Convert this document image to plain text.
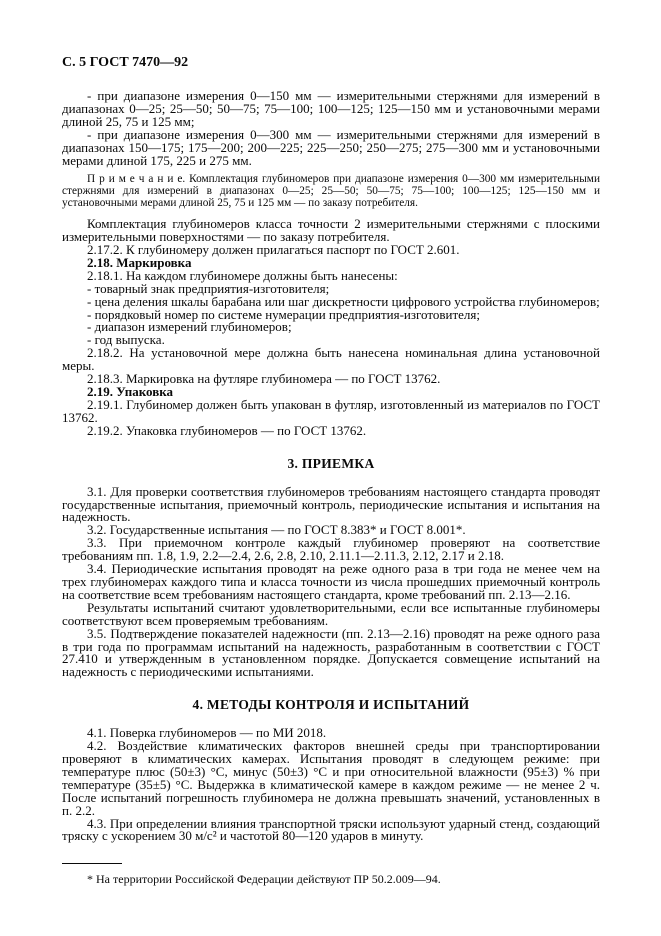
С. 5 ГОСТ 7470—92

- при диапазоне измерения 0—150 мм — измерительными стержнями для измерений в диапазонах 0—25; 25—50; 50—75; 75—100; 100—125; 125—150 мм и установочными мерами длиной 25, 75 и 125 мм;

- при диапазоне измерения 0—300 мм — измерительными стержнями для измерений в диапазонах 150—175; 175—200; 200—225; 225—250; 250—275; 275—300 мм и установочными мерами длиной 175, 225 и 275 мм.

П р и м е ч а н и е. Комплектация глубиномеров при диапазоне измерения 0—300 мм измерительными стержнями для измерений в диапазонах 0—25; 25—50; 50—75; 75—100; 100—125; 125—150 мм и установочными мерами длиной 25, 75 и 125 мм — по заказу потребителя.

Комплектация глубиномеров класса точности 2 измерительными стержнями с плоскими измерительными поверхностями — по заказу потребителя.

2.17.2. К глубиномеру должен прилагаться паспорт по ГОСТ 2.601.

2.18. Маркировка

2.18.1. На каждом глубиномере должны быть нанесены:

- товарный знак предприятия-изготовителя;

- цена деления шкалы барабана или шаг дискретности цифрового устройства глубиномеров;

- порядковый номер по системе нумерации предприятия-изготовителя;

- диапазон измерений глубиномеров;

- год выпуска.

2.18.2. На установочной мере должна быть нанесена номинальная длина установочной меры.

2.18.3. Маркировка на футляре глубиномера — по ГОСТ 13762.

2.19. Упаковка

2.19.1. Глубиномер должен быть упакован в футляр, изготовленный из материалов по ГОСТ 13762.

2.19.2. Упаковка глубиномеров — по ГОСТ 13762.

3. ПРИЕМКА

3.1. Для проверки соответствия глубиномеров требованиям настоящего стандарта проводят государственные испытания, приемочный контроль, периодические испытания и испытания на надежность.

3.2. Государственные испытания — по ГОСТ 8.383* и ГОСТ 8.001*.

3.3. При приемочном контроле каждый глубиномер проверяют на соответствие требованиям пп. 1.8, 1.9, 2.2—2.4, 2.6, 2.8, 2.10, 2.11.1—2.11.3, 2.12, 2.17 и 2.18.

3.4. Периодические испытания проводят на реже одного раза в три года не менее чем на трех глубиномерах каждого типа и класса точности из числа прошедших приемочный контроль на соответствие всем требованиям настоящего стандарта, кроме требований пп. 2.13—2.16.

Результаты испытаний считают удовлетворительными, если все испытанные глубиномеры соответствуют всем проверяемым требованиям.

3.5. Подтверждение показателей надежности (пп. 2.13—2.16) проводят на реже одного раза в три года по программам испытаний на надежность, разработанным в соответствии с ГОСТ 27.410 и утвержденным в установленном порядке. Допускается совмещение испытаний на надежность с периодическими испытаниями.

4. МЕТОДЫ КОНТРОЛЯ И ИСПЫТАНИЙ

4.1. Поверка глубиномеров — по МИ 2018.

4.2. Воздействие климатических факторов внешней среды при транспортировании проверяют в климатических камерах. Испытания проводят в следующем режиме: при температуре плюс (50±3) °С, минус (50±3) °С и при относительной влажности (95±3) % при температуре (35±5) °С. Выдержка в климатической камере в каждом режиме — не менее 2 ч. После испытаний погрешность глубиномера не должна превышать значений, установленных в п. 2.2.

4.3. При определении влияния транспортной тряски используют ударный стенд, создающий тряску с ускорением 30 м/с² и частотой 80—120 ударов в минуту.

* На территории Российской Федерации действуют ПР 50.2.009—94.
